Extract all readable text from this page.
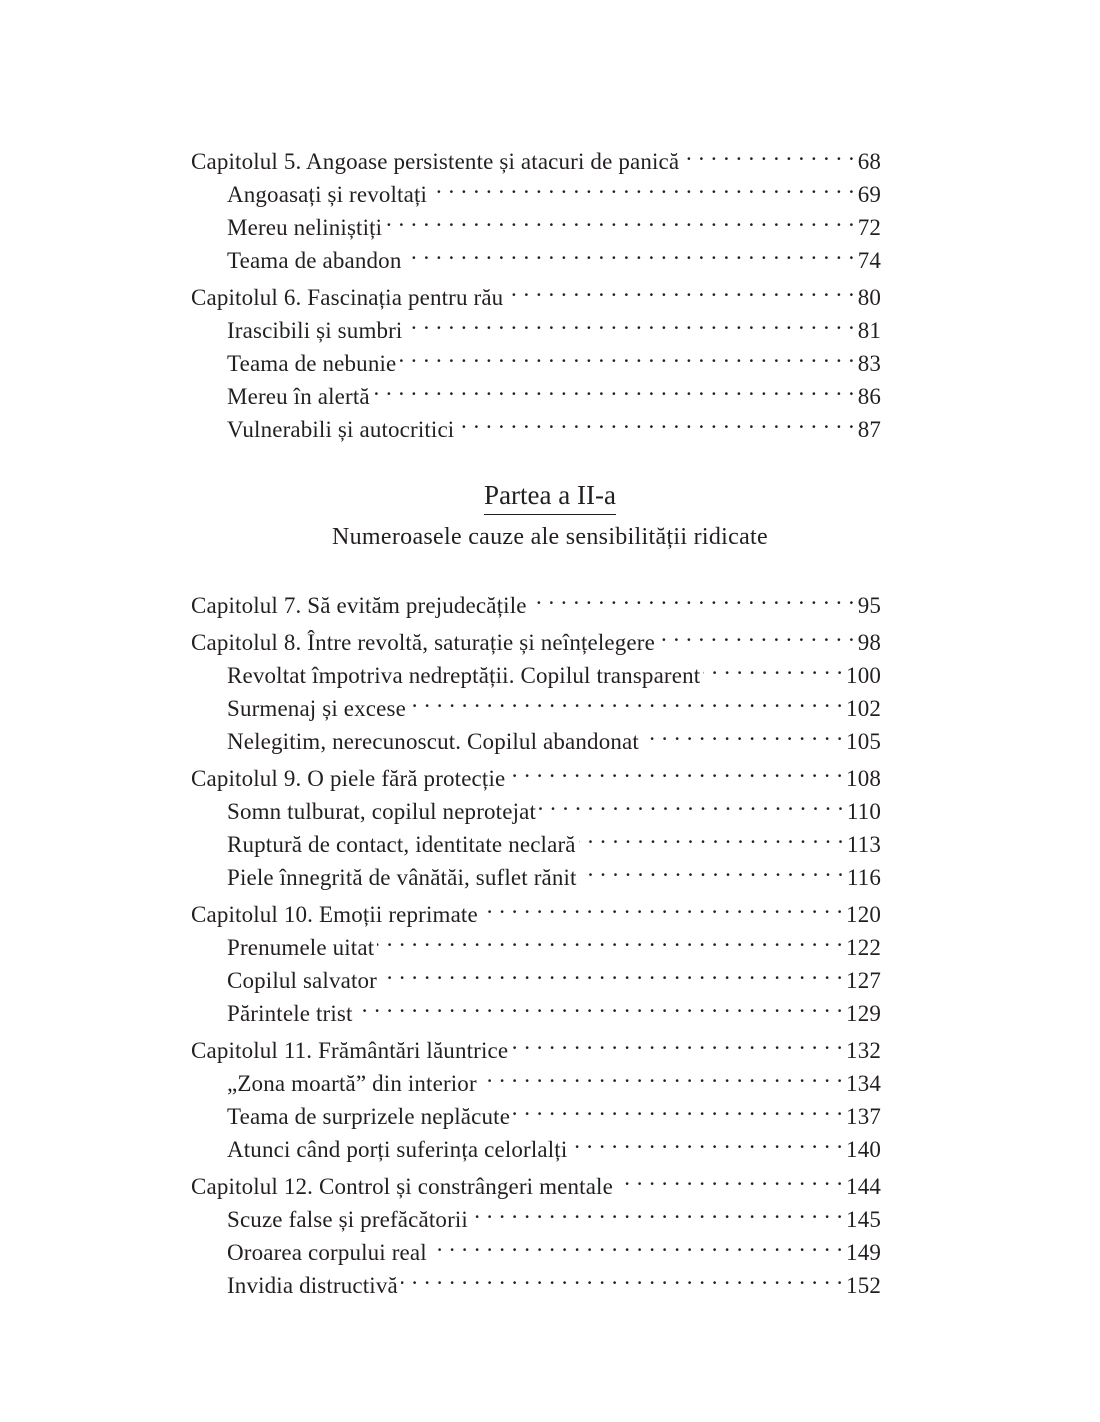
Capitolul 5. Angoase persistente și atacuri de panică . . .	68
Angoasați și revoltați . . .	69
Mereu neliniștiți . . .	72
Teama de abandon . . .	74
Capitolul 6. Fascinația pentru rău . . .	80
Irascibili și sumbri . . .	81
Teama de nebunie . . .	83
Mereu în alertă . . .	86
Vulnerabili și autocritici . . .	87
Partea a II-a
Numeroasele cauze ale sensibilității ridicate
Capitolul 7. Să evităm prejudecățile . . .	95
Capitolul 8. Între revoltă, saturație și neînțelegere . . .	98
Revoltat împotriva nedreptății. Copilul transparent . . .	100
Surmenaj și excese . . .	102
Nelegitim, nerecunoscut. Copilul abandonat . . .	105
Capitolul 9. O piele fără protecție . . .	108
Somn tulburat, copilul neprotejat . . .	110
Ruptură de contact, identitate neclară . . .	113
Piele înnegrită de vânătăi, suflet rănit . . .	116
Capitolul 10. Emoții reprimate . . .	120
Prenumele uitat . . .	122
Copilul salvator . . .	127
Părintele trist . . .	129
Capitolul 11. Frământări lăuntrice . . .	132
„Zona moartă” din interior . . .	134
Teama de surprizele neplăcute . . .	137
Atunci când porți suferința celorlalți . . .	140
Capitolul 12. Control și constrângeri mentale . . .	144
Scuze false și prefăcătorii . . .	145
Oroarea corpului real . . .	149
Invidia distructivă . . .	152
